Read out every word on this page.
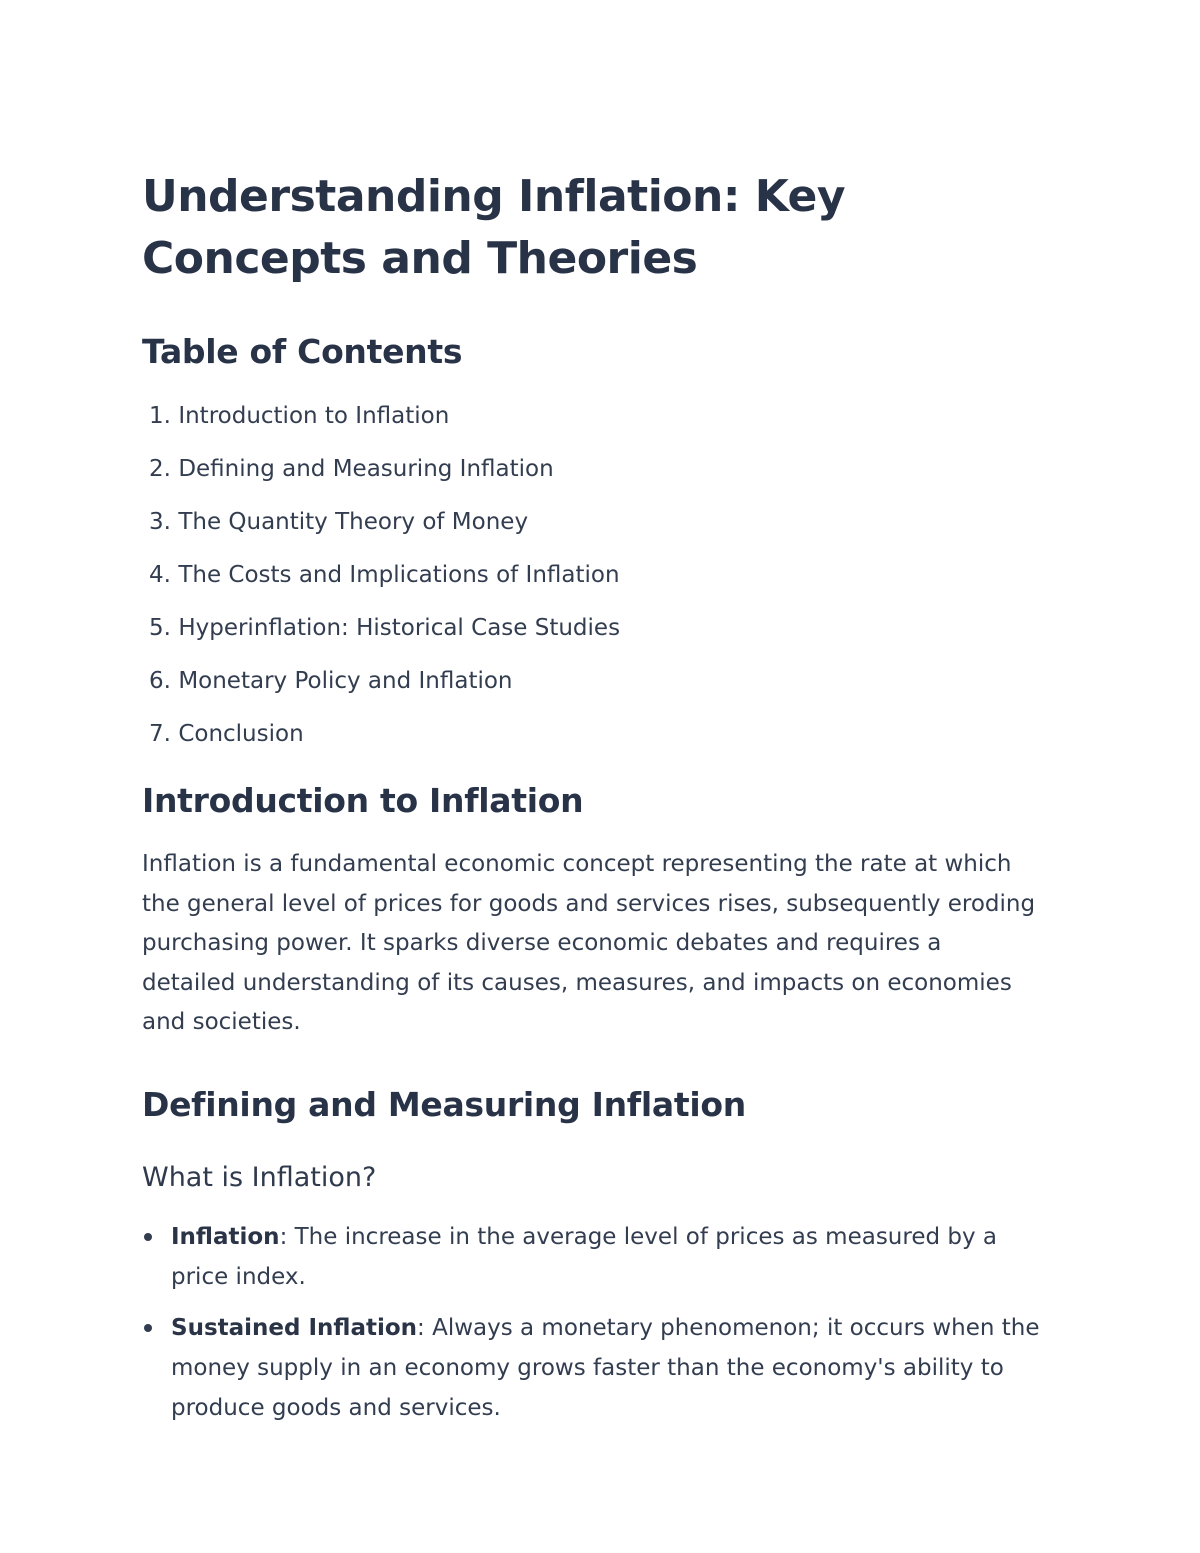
Understanding Inflation: Key Concepts and Theories
Table of Contents
1. Introduction to Inflation
2. Defining and Measuring Inflation
3. The Quantity Theory of Money
4. The Costs and Implications of Inflation
5. Hyperinflation: Historical Case Studies
6. Monetary Policy and Inflation
7. Conclusion
Introduction to Inflation

Inflation is a fundamental economic concept representing the rate at which the general level of prices for goods and services rises, subsequently eroding purchasing power. It sparks diverse economic debates and requires a detailed understanding of its causes, measures, and impacts on economies and societies.

Defining and Measuring Inflation
What is Inflation?
Inflation: The increase in the average level of prices as measured by a price index.
Sustained Inflation: Always a monetary phenomenon; it occurs when the money supply in an economy grows faster than the economy's ability to produce goods and services.
